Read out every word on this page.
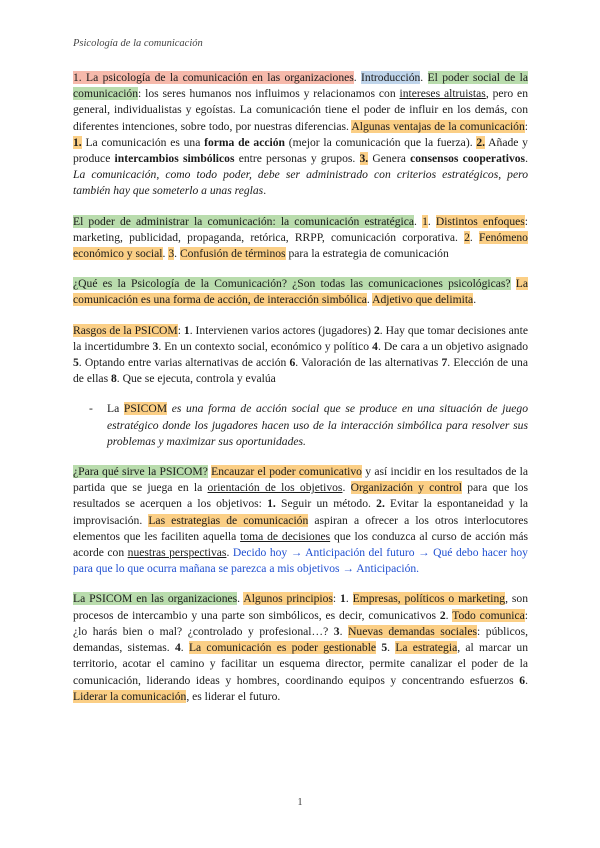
Psicología de la comunicación

1. La psicología de la comunicación en las organizaciones. Introducción. El poder social de la comunicación: los seres humanos nos influimos y relacionamos con intereses altruistas, pero en general, individualistas y egoístas. La comunicación tiene el poder de influir en los demás, con diferentes intenciones, sobre todo, por nuestras diferencias. Algunas ventajas de la comunicación: 1. La comunicación es una forma de acción (mejor la comunicación que la fuerza). 2. Añade y produce intercambios simbólicos entre personas y grupos. 3. Genera consensos cooperativos. La comunicación, como todo poder, debe ser administrado con criterios estratégicos, pero también hay que someterlo a unas reglas.

El poder de administrar la comunicación: la comunicación estratégica. 1. Distintos enfoques: marketing, publicidad, propaganda, retórica, RRPP, comunicación corporativa. 2. Fenómeno económico y social. 3. Confusión de términos para la estrategia de comunicación

¿Qué es la Psicología de la Comunicación? ¿Son todas las comunicaciones psicológicas? La comunicación es una forma de acción, de interacción simbólica. Adjetivo que delimita.

Rasgos de la PSICOM: 1. Intervienen varios actores (jugadores) 2. Hay que tomar decisiones ante la incertidumbre 3. En un contexto social, económico y político 4. De cara a un objetivo asignado 5. Optando entre varias alternativas de acción 6. Valoración de las alternativas 7. Elección de una de ellas 8. Que se ejecuta, controla y evalúa

- La PSICOM es una forma de acción social que se produce en una situación de juego estratégico donde los jugadores hacen uso de la interacción simbólica para resolver sus problemas y maximizar sus oportunidades.

¿Para qué sirve la PSICOM? Encauzar el poder comunicativo y así incidir en los resultados de la partida que se juega en la orientación de los objetivos. Organización y control para que los resultados se acerquen a los objetivos: 1. Seguir un método. 2. Evitar la espontaneidad y la improvisación. Las estrategias de comunicación aspiran a ofrecer a los otros interlocutores elementos que les faciliten aquella toma de decisiones que los conduzca al curso de acción más acorde con nuestras perspectivas. Decido hoy → Anticipación del futuro → Qué debo hacer hoy para que lo que ocurra mañana se parezca a mis objetivos → Anticipación.

La PSICOM en las organizaciones. Algunos principios: 1. Empresas, políticos o marketing, son procesos de intercambio y una parte son simbólicos, es decir, comunicativos 2. Todo comunica: ¿lo harás bien o mal? ¿controlado y profesional…? 3. Nuevas demandas sociales: públicos, demandas, sistemas. 4. La comunicación es poder gestionable 5. La estrategia, al marcar un territorio, acotar el camino y facilitar un esquema director, permite canalizar el poder de la comunicación, liderando ideas y hombres, coordinando equipos y concentrando esfuerzos 6. Liderar la comunicación, es liderar el futuro.

1
